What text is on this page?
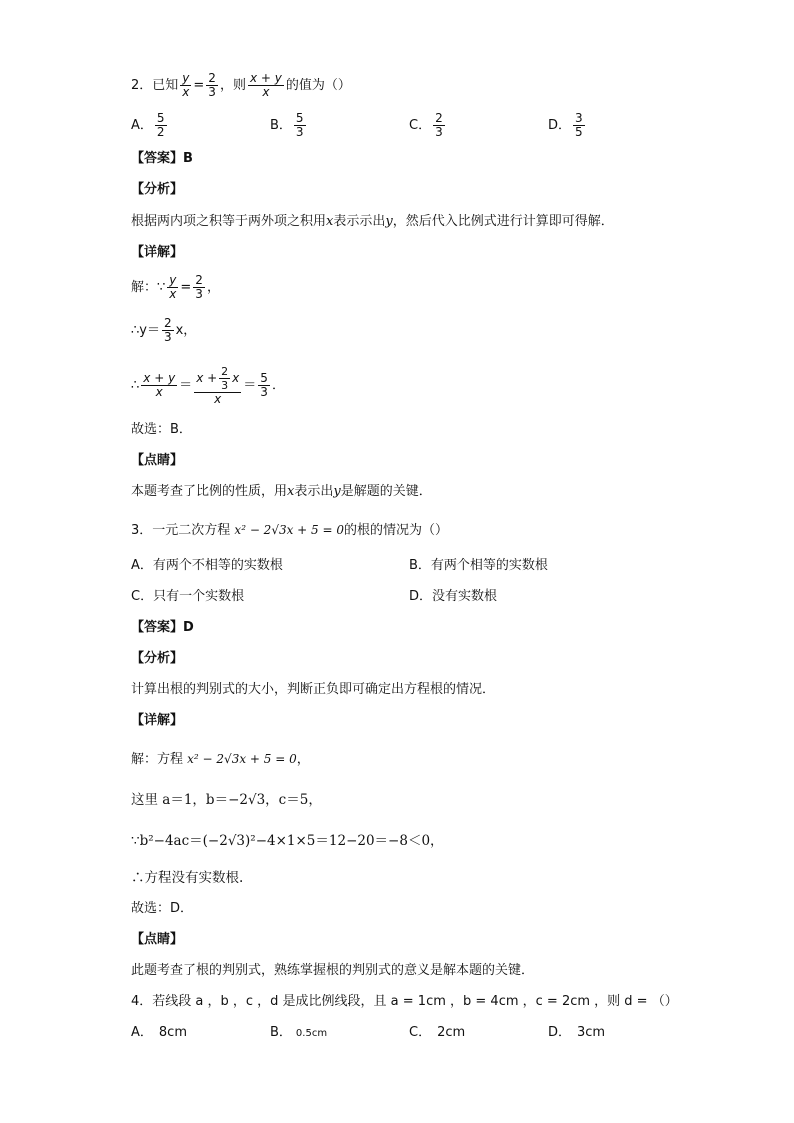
2．已知 $\frac{y}{x} = \frac{2}{3}$ ，则 $\frac{x + y}{x}$ 的值为（）
A． $\frac{5}{2}$	B． $\frac{5}{3}$	C． $\frac{2}{3}$	D． $\frac{3}{5}$
【答案】B
【分析】
根据两内项之积等于两外项之积用x表示示出y，然后代入比例式进行计算即可得解．
【详解】
解：∵ $\frac{y}{x} = \frac{2}{3}$ ，
∴y＝ $\frac{2}{3}$ x，
∴ $\frac{x + y}{x} = \frac{x + \frac{2}{3} x}{x} = \frac{5}{3}$ ．
故选：B．
【点睛】
本题考查了比例的性质，用x表示出y是解题的关键．
3．一元二次方程 x² − 2√3x + 5 = 0的根的情况为（）
A．有两个不相等的实数根	B．有两个相等的实数根
C．只有一个实数根	D．没有实数根
【答案】D
【分析】
计算出根的判别式的大小，判断正负即可确定出方程根的情况．
【详解】
解：方程 x² − 2√3x + 5 = 0，
这里 a＝1，b＝−2√3，c＝5，
∵b²−4ac＝(−2√3)²−4×1×5＝12−20＝−8＜0，
∴方程没有实数根.
故选：D．
【点睛】
此题考查了根的判别式，熟练掌握根的判别式的意义是解本题的关键．
4．若线段 a ，b ，c ，d 是成比例线段，且 a = 1cm ，b = 4cm ，c = 2cm ，则 d = （）
A． 8cm	B． 0.5cm	C． 2cm	D． 3cm
